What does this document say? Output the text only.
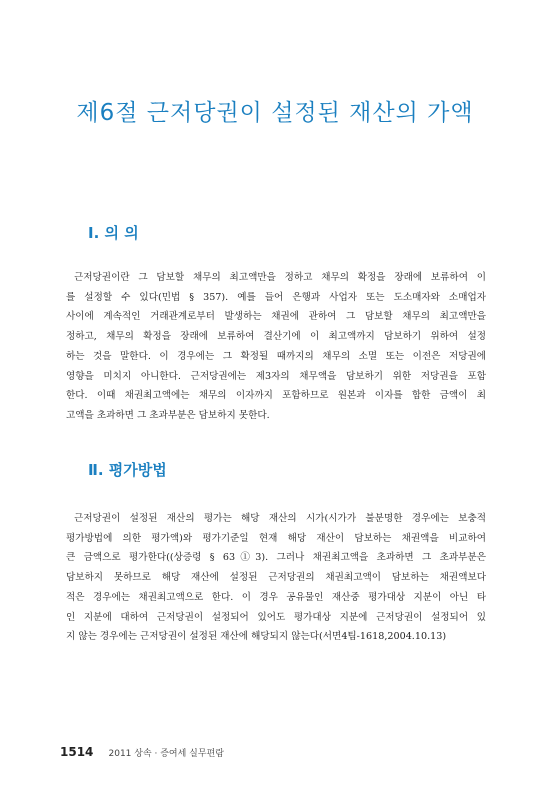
제6절 근저당권이 설정된 재산의 가액
Ⅰ. 의 의
근저당권이란 그 담보할 채무의 최고액만을 정하고 채무의 확정을 장래에 보류하여 이
를 설정할 수 있다(민법 § 357). 예를 들어 은행과 사업자 또는 도소매자와 소매업자
사이에 계속적인 거래관계로부터 발생하는 채권에 관하여 그 담보할 채무의 최고액만을
정하고, 채무의 확정을 장래에 보류하여 결산기에 이 최고액까지 담보하기 위하여 설정
하는 것을 말한다. 이 경우에는 그 확정될 때까지의 채무의 소멸 또는 이전은 저당권에
영향을 미치지 아니한다. 근저당권에는 제3자의 채무액을 담보하기 위한 저당권을 포함
한다. 이때 채권최고액에는 채무의 이자까지 포함하므로 원본과 이자를 합한 금액이 최
고액을 초과하면 그 초과부분은 담보하지 못한다.
Ⅱ. 평가방법
근저당권이 설정된 재산의 평가는 해당 재산의 시가(시가가 불분명한 경우에는 보충적
평가방법에 의한 평가액)와 평가기준일 현재 해당 재산이 담보하는 채권액을 비교하여
큰 금액으로 평가한다((상증령 § 63①3). 그러나 채권최고액을 초과하면 그 초과부분은
담보하지 못하므로 해당 재산에 설정된 근저당권의 채권최고액이 담보하는 채권액보다
적은 경우에는 채권최고액으로 한다. 이 경우 공유물인 재산중 평가대상 지분이 아닌 타
인 지분에 대하여 근저당권이 설정되어 있어도 평가대상 지분에 근저당권이 설정되어 있
지 않는 경우에는 근저당권이 설정된 재산에 해당되지 않는다(서면4팀-1618,2004.10.13)
1514 2011 상속 · 증여세 실무편람
